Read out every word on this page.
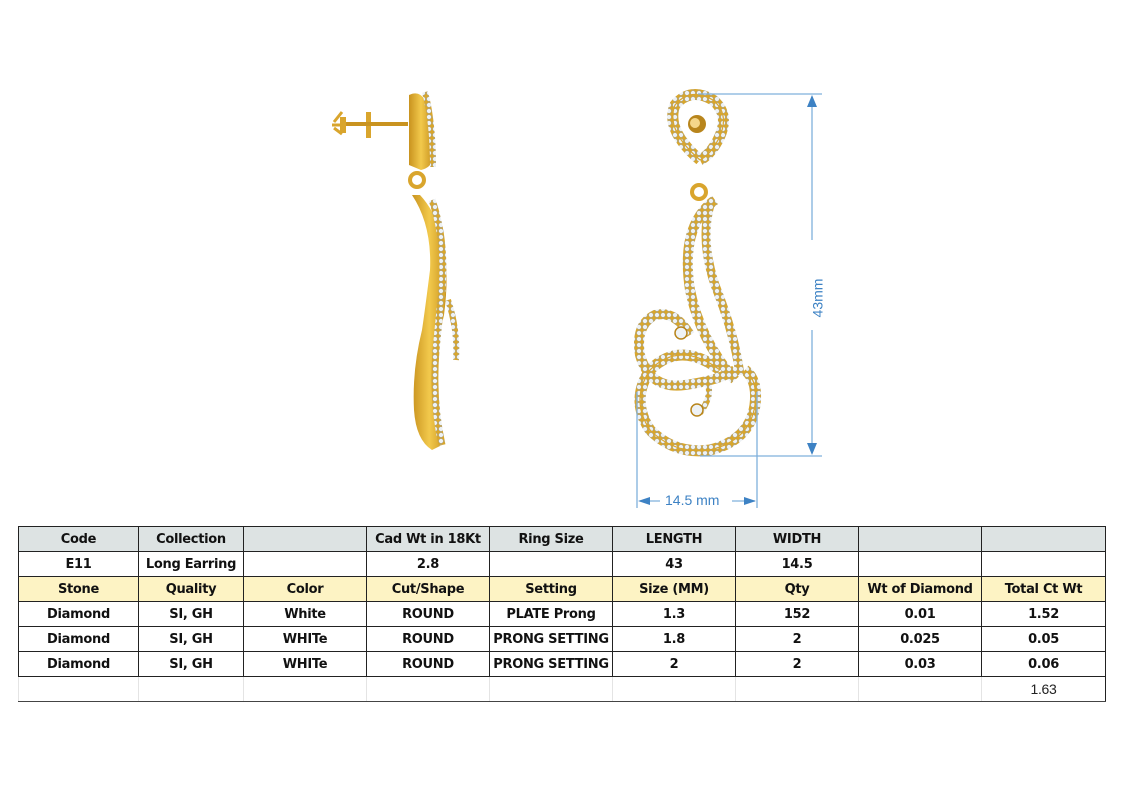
14.5 mm
43mm
Code	Collection		Cad Wt in 18Kt	Ring Size	LENGTH	WIDTH		
E11	Long Earring		2.8		43	14.5		
Stone	Quality	Color	Cut/Shape	Setting	Size (MM)	Qty	Wt of Diamond	Total Ct Wt
Diamond	SI, GH	White	ROUND	PLATE Prong	1.3	152	0.01	1.52
Diamond	SI, GH	WHITe	ROUND	PRONG SETTING	1.8	2	0.025	0.05
Diamond	SI, GH	WHITe	ROUND	PRONG SETTING	2	2	0.03	0.06
								1.63
